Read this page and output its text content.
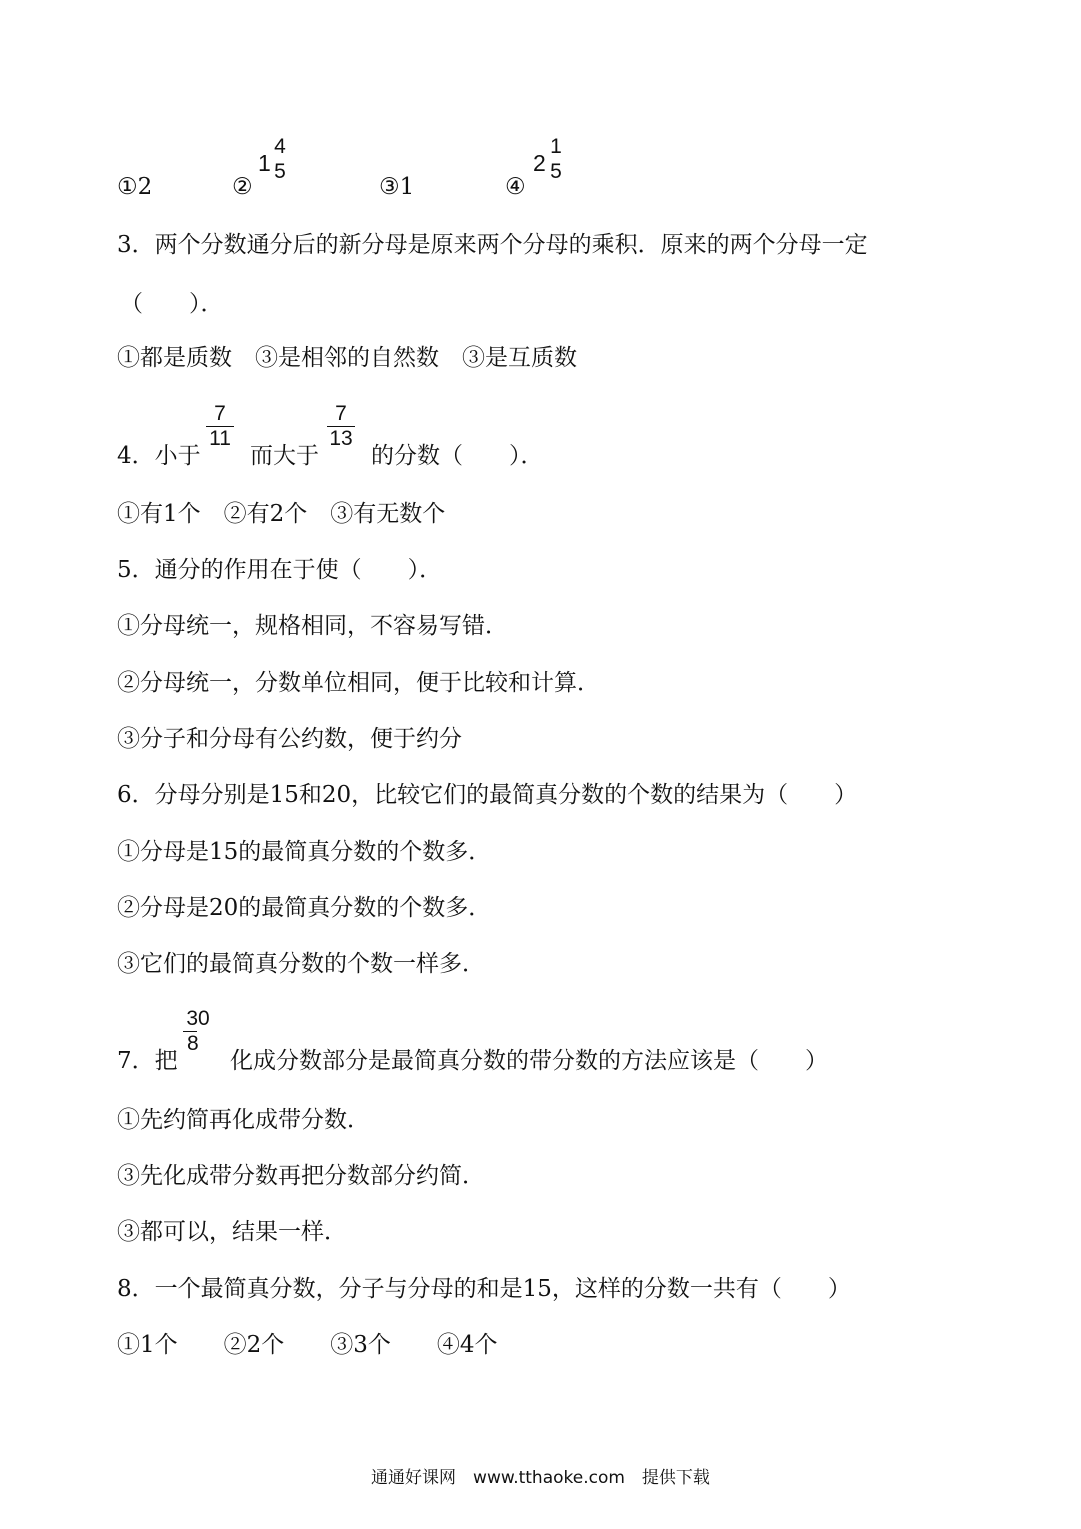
①2	②
1
4
5
③1	④
2
1
5
3．两个分数通分后的新分母是原来两个分母的乘积．原来的两个分母一定
（　　）．
①都是质数　③是相邻的自然数　③是互质数
4．小于
7
11
而大于
7
13
的分数（　　）．
①有1个　②有2个　③有无数个
5．通分的作用在于使（　　）．
①分母统一，规格相同，不容易写错．
②分母统一，分数单位相同，便于比较和计算．
③分子和分母有公约数，便于约分
6．分母分别是15和20，比较它们的最简真分数的个数的结果为（　　）
①分母是15的最简真分数的个数多．
②分母是20的最简真分数的个数多．
③它们的最简真分数的个数一样多．
7．把
30
8
化成分数部分是最简真分数的带分数的方法应该是（　　）
①先约简再化成带分数．
③先化成带分数再把分数部分约简．
③都可以，结果一样．
8．一个最简真分数，分子与分母的和是15，这样的分数一共有（　　）
①1个　　②2个　　③3个　　④4个
通通好课网　www.tthaoke.com　提供下载
